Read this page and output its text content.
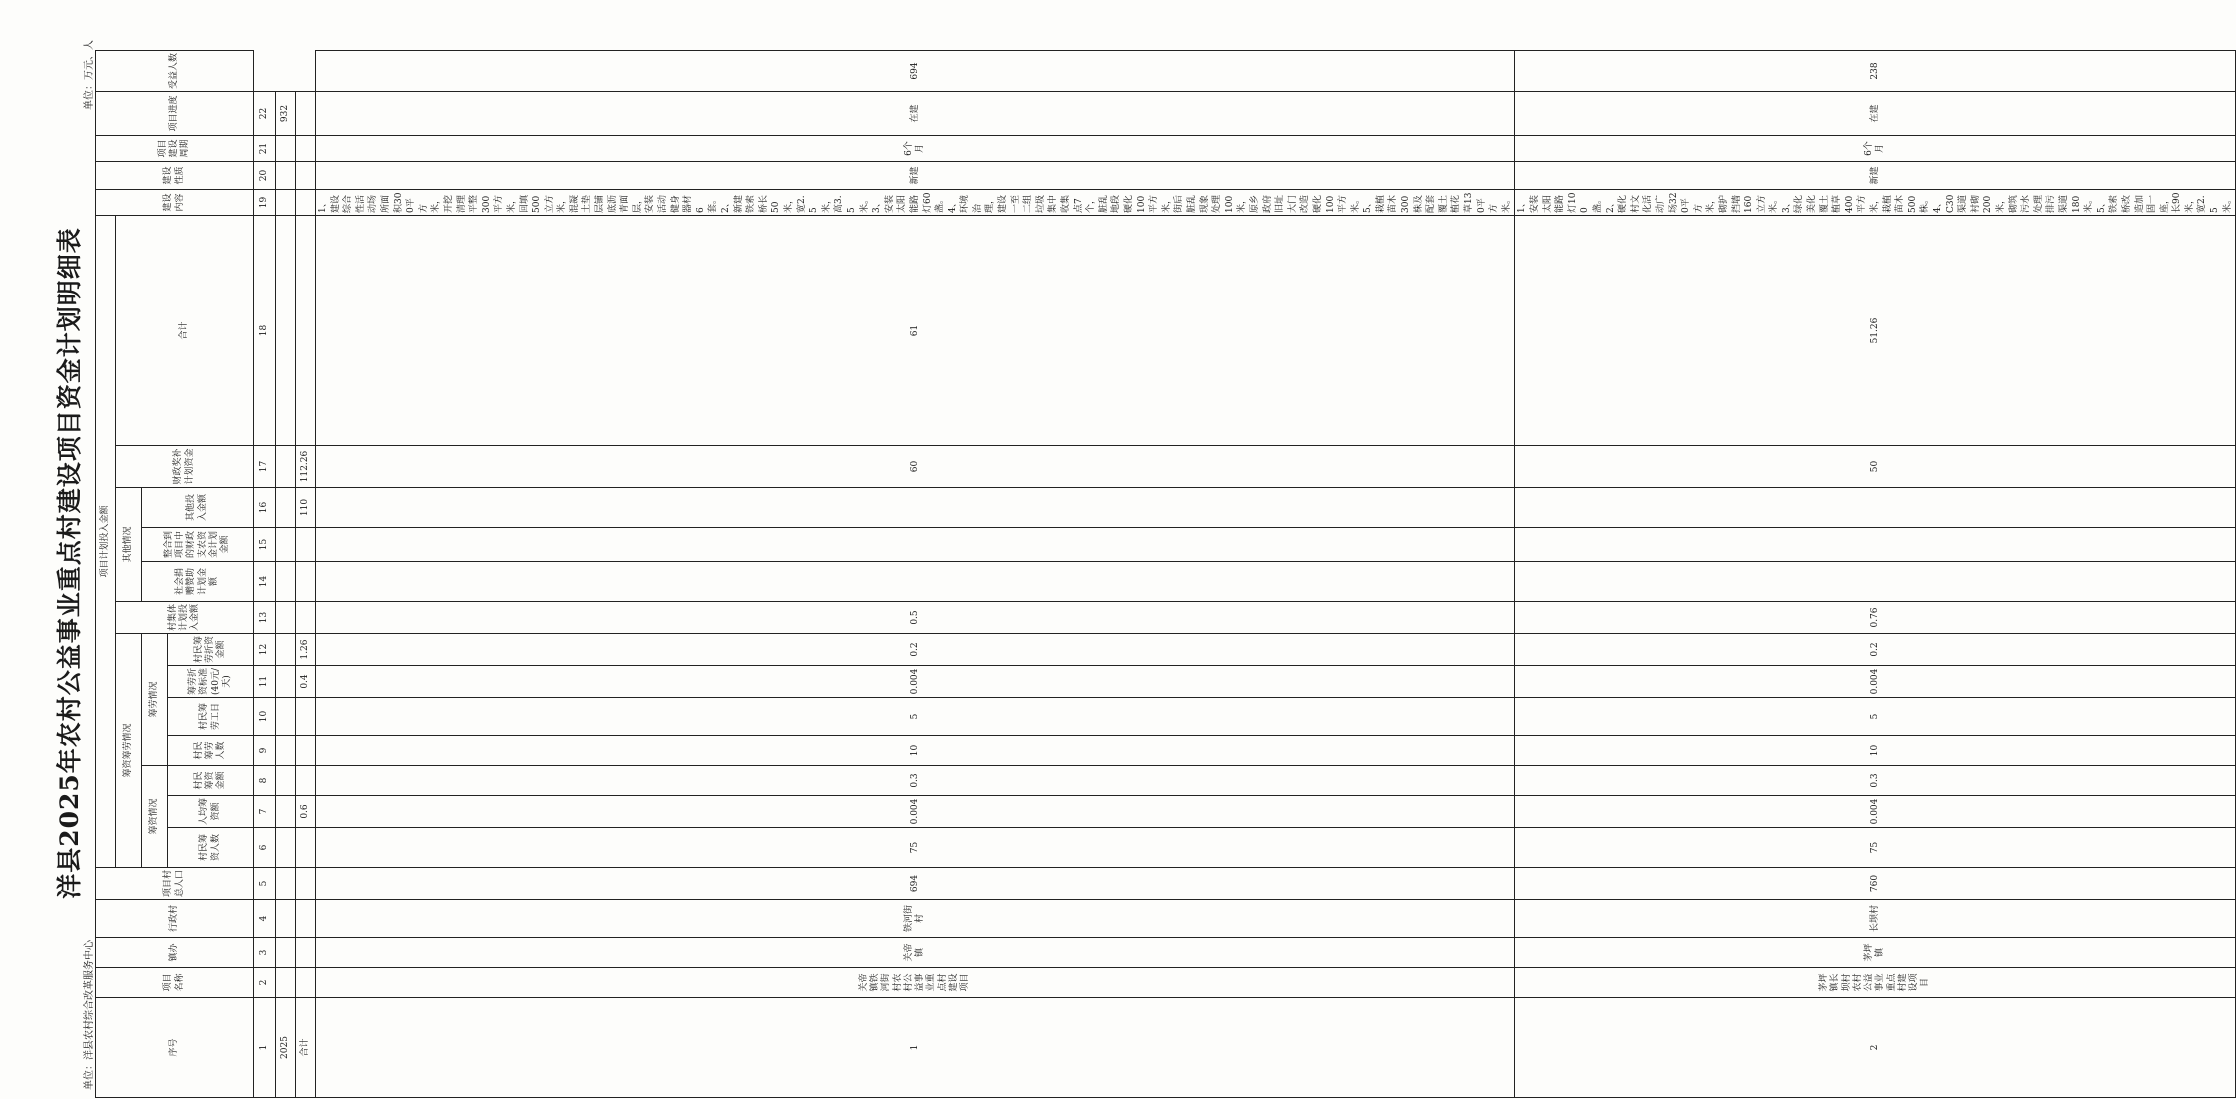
洋县2025年农村公益事业重点村建设项目资金计划明细表
单位：洋县农村综合改革服务中心
单位：万元、人
序号	项目名称	镇办	行政村	项目村总人口	项目计划投入金额													建设内容	建设性质	项目建设周期	项目进度	受益人数
					筹资筹劳情况							村集体计划投入金额	其他情况			财政奖补计划资金	合计					
					筹资情况			筹劳情况					社会捐赠赞助计划金额	整合到项目中的财政支农资金计划金额	其他投入金额							
					村民筹资人数	人均筹资额	村民筹资金额	村民筹劳人数	村民筹劳工日	筹劳折资标准(40元/天)	村民筹劳折资金额											
1	2	3	4	5	6	7	8	9	10	11	12	13	14	15	16	17	18	19	20	21	22	
2025																					932	
合计						0.6				0.4	1.26				110	112.26						
1	关帝镇铁河街村农村公益事业重点村建设项目	关帝镇	铁河街村	694	75	0.004	0.3	10	5	0.004	0.2	0.5				60	61	1、建设综合性活动场所面积300平方米，开挖清理平整300平方米，回填500立方米，混凝土垫层铺底沥青面层，安装活动健身器材6套。2、新建铁索桥长50米，宽2.5米，高3.5米。3、安装太阳能路灯60盏。4、环境治理，建设一至二组垃圾集中收集点7个，脏乱地段硬化100平方米，街后脏乱现象处理100米，原乡政府旧址大门改造硬化100平方米。5、栽植苗木300株及配套覆土植花草130平方米。	新建	6个月	在建	694
2	茅坪镇长坝村农村公益事业重点村建设项目	茅坪镇	长坝村	760	75	0.004	0.3	10	5	0.004	0.2	0.76				50	51.26	1、安装太阳能路灯100盏。2、硬化村文化活动广场320平方米，砌护挡墙160立方米。3、绿化美化覆土植草400平方米，栽植苗木500株。4、C30渠道衬砌200米，砌筑污水处理排污渠道180米。5、铁索桥改造加固一座，长90米，宽2.5米。	新建	6个月	在建	238
